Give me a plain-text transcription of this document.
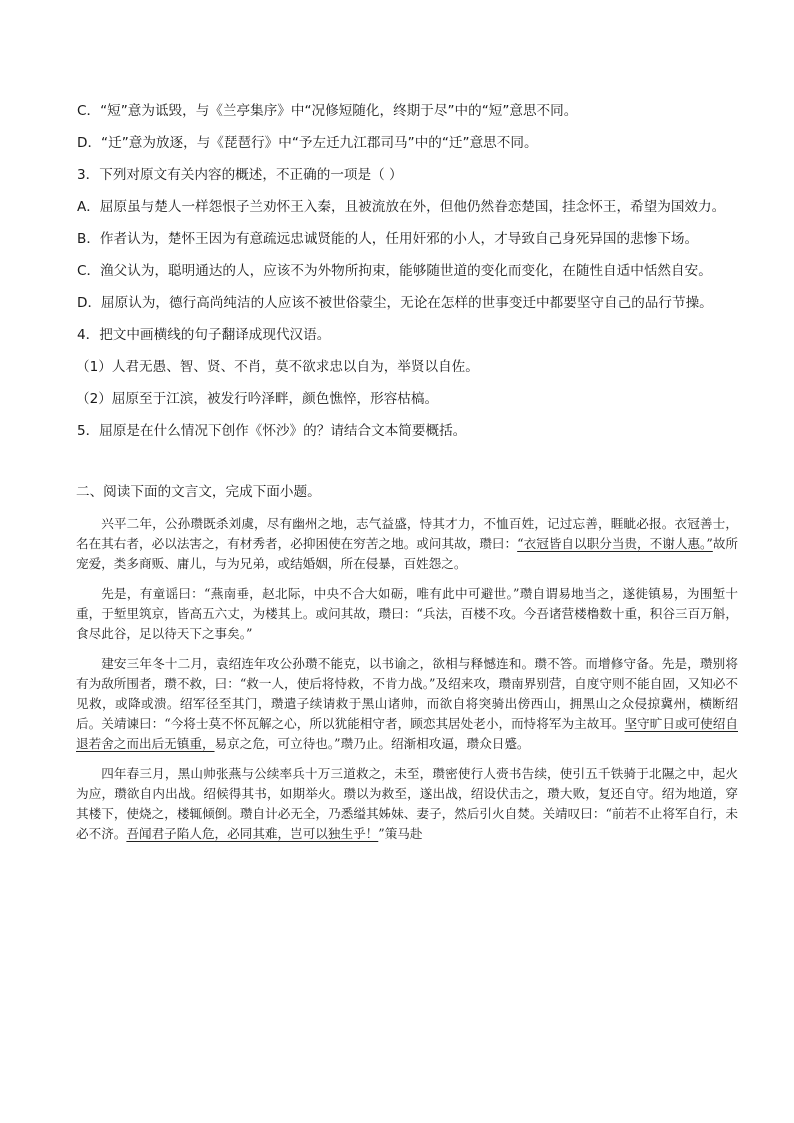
C．“短”意为诋毁，与《兰亭集序》中“况修短随化，终期于尽”中的“短”意思不同。
D．“迁”意为放逐，与《琵琶行》中“予左迁九江郡司马”中的“迁”意思不同。
3．下列对原文有关内容的概述，不正确的一项是（ ）
A．屈原虽与楚人一样怨恨子兰劝怀王入秦，且被流放在外，但他仍然眷恋楚国，挂念怀王，希望为国效力。
B．作者认为，楚怀王因为有意疏远忠诚贤能的人，任用奸邪的小人，才导致自己身死异国的悲惨下场。
C．渔父认为，聪明通达的人，应该不为外物所拘束，能够随世道的变化而变化，在随性自适中恬然自安。
D．屈原认为，德行高尚纯洁的人应该不被世俗蒙尘，无论在怎样的世事变迁中都要坚守自己的品行节操。
4．把文中画横线的句子翻译成现代汉语。
（1）人君无愚、智、贤、不肖，莫不欲求忠以自为，举贤以自佐。
（2）屈原至于江滨，被发行吟泽畔，颜色憔悴，形容枯槁。
5．屈原是在什么情况下创作《怀沙》的？请结合文本简要概括。
二、阅读下面的文言文，完成下面小题。

兴平二年，公孙瓒既杀刘虞，尽有幽州之地，志气益盛，恃其才力，不恤百姓，记过忘善，睚眦必报。衣冠善士，名在其右者，必以法害之，有材秀者，必抑困使在穷苦之地。或问其故，瓒曰：“衣冠皆自以职分当贵，不谢人惠。”故所宠爱，类多商贩、庸儿，与为兄弟，或结婚姻，所在侵暴，百姓怨之。

先是，有童谣曰：“燕南垂，赵北际，中央不合大如砺，唯有此中可避世。”瓒自谓易地当之，遂徙镇易，为围堑十重，于堑里筑京，皆高五六丈，为楼其上。或问其故，瓒曰：“兵法，百楼不攻。今吾诸营楼橹数十重，积谷三百万斛，食尽此谷，足以待天下之事矣。”

建安三年冬十二月，袁绍连年攻公孙瓒不能克，以书谕之，欲相与释憾连和。瓒不答。而增修守备。先是，瓒别将有为敌所围者，瓒不救，曰：“救一人，使后将恃救，不肯力战。”及绍来攻，瓒南界别营，自度守则不能自固，又知必不见救，或降或溃。绍军径至其门，瓒遣子续请救于黑山诸帅，而欲自将突骑出傍西山，拥黑山之众侵掠冀州，横断绍后。关靖谏曰：“今将士莫不怀瓦解之心，所以犹能相守者，顾恋其居处老小，而恃将军为主故耳。坚守旷日或可使绍自退若舍之而出后无镇重，易京之危，可立待也。”瓒乃止。绍渐相攻逼，瓒众日蹙。

四年春三月，黑山帅张燕与公续率兵十万三道救之，未至，瓒密使行人赍书告续，使引五千铁骑于北隰之中，起火为应，瓒欲自内出战。绍候得其书，如期举火。瓒以为救至，遂出战，绍设伏击之，瓒大败，复还自守。绍为地道，穿其楼下，使烧之，楼辄倾倒。瓒自计必无全，乃悉缢其姊妹、妻子，然后引火自焚。关靖叹曰：“前若不止将军自行，未必不济。吾闻君子陷人危，必同其难，岂可以独生乎！”策马赴
